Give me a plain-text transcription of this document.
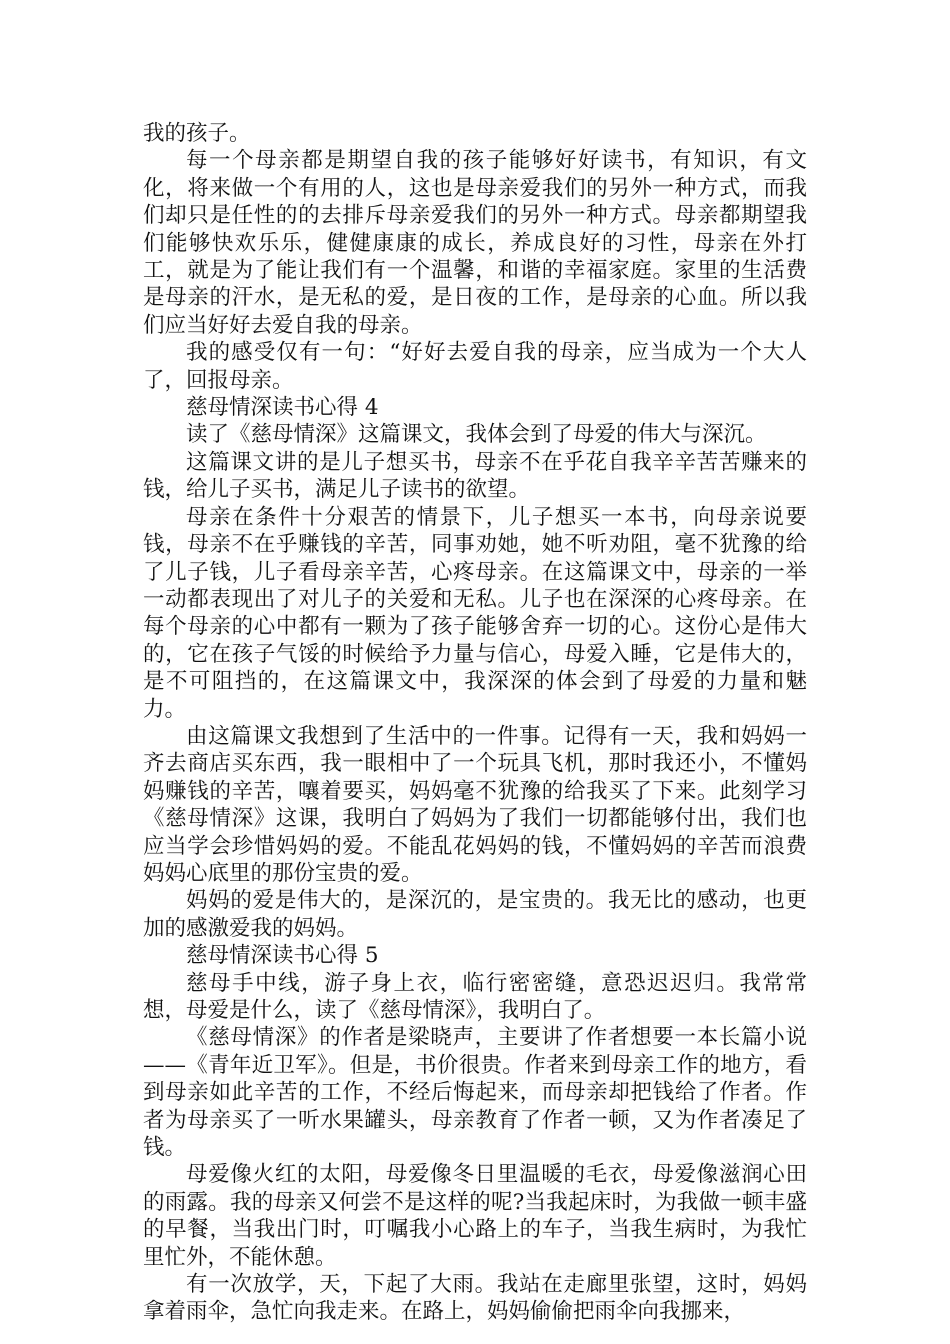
我的孩子。

每一个母亲都是期望自我的孩子能够好好读书，有知识，有文化，将来做一个有用的人，这也是母亲爱我们的另外一种方式，而我们却只是任性的的去排斥母亲爱我们的另外一种方式。母亲都期望我们能够快欢乐乐，健健康康的成长，养成良好的习性，母亲在外打工，就是为了能让我们有一个温馨，和谐的幸福家庭。家里的生活费是母亲的汗水，是无私的爱，是日夜的工作，是母亲的心血。所以我们应当好好去爱自我的母亲。

我的感受仅有一句：“好好去爱自我的母亲，应当成为一个大人了，回报母亲。

慈母情深读书心得 4

读了《慈母情深》这篇课文，我体会到了母爱的伟大与深沉。

这篇课文讲的是儿子想买书，母亲不在乎花自我辛辛苦苦赚来的钱，给儿子买书，满足儿子读书的欲望。

母亲在条件十分艰苦的情景下，儿子想买一本书，向母亲说要钱，母亲不在乎赚钱的辛苦，同事劝她，她不听劝阻，毫不犹豫的给了儿子钱，儿子看母亲辛苦，心疼母亲。在这篇课文中，母亲的一举一动都表现出了对儿子的关爱和无私。儿子也在深深的心疼母亲。在每个母亲的心中都有一颗为了孩子能够舍弃一切的心。这份心是伟大的，它在孩子气馁的时候给予力量与信心，母爱入睡，它是伟大的，是不可阻挡的，在这篇课文中，我深深的体会到了母爱的力量和魅力。

由这篇课文我想到了生活中的一件事。记得有一天，我和妈妈一齐去商店买东西，我一眼相中了一个玩具飞机，那时我还小，不懂妈妈赚钱的辛苦，嚷着要买，妈妈毫不犹豫的给我买了下来。此刻学习《慈母情深》这课，我明白了妈妈为了我们一切都能够付出，我们也应当学会珍惜妈妈的爱。不能乱花妈妈的钱，不懂妈妈的辛苦而浪费妈妈心底里的那份宝贵的爱。

妈妈的爱是伟大的，是深沉的，是宝贵的。我无比的感动，也更加的感激爱我的妈妈。

慈母情深读书心得 5

慈母手中线，游子身上衣，临行密密缝，意恐迟迟归。我常常想，母爱是什么，读了《慈母情深》，我明白了。

《慈母情深》的作者是梁晓声，主要讲了作者想要一本长篇小说——《青年近卫军》。但是，书价很贵。作者来到母亲工作的地方，看到母亲如此辛苦的工作，不经后悔起来，而母亲却把钱给了作者。作者为母亲买了一听水果罐头，母亲教育了作者一顿，又为作者凑足了钱。

母爱像火红的太阳，母爱像冬日里温暖的毛衣，母爱像滋润心田的雨露。我的母亲又何尝不是这样的呢?当我起床时，为我做一顿丰盛的早餐，当我出门时，叮嘱我小心路上的车子，当我生病时，为我忙里忙外，不能休憩。

有一次放学，天，下起了大雨。我站在走廊里张望，这时，妈妈拿着雨伞，急忙向我走来。在路上，妈妈偷偷把雨伞向我挪来，
